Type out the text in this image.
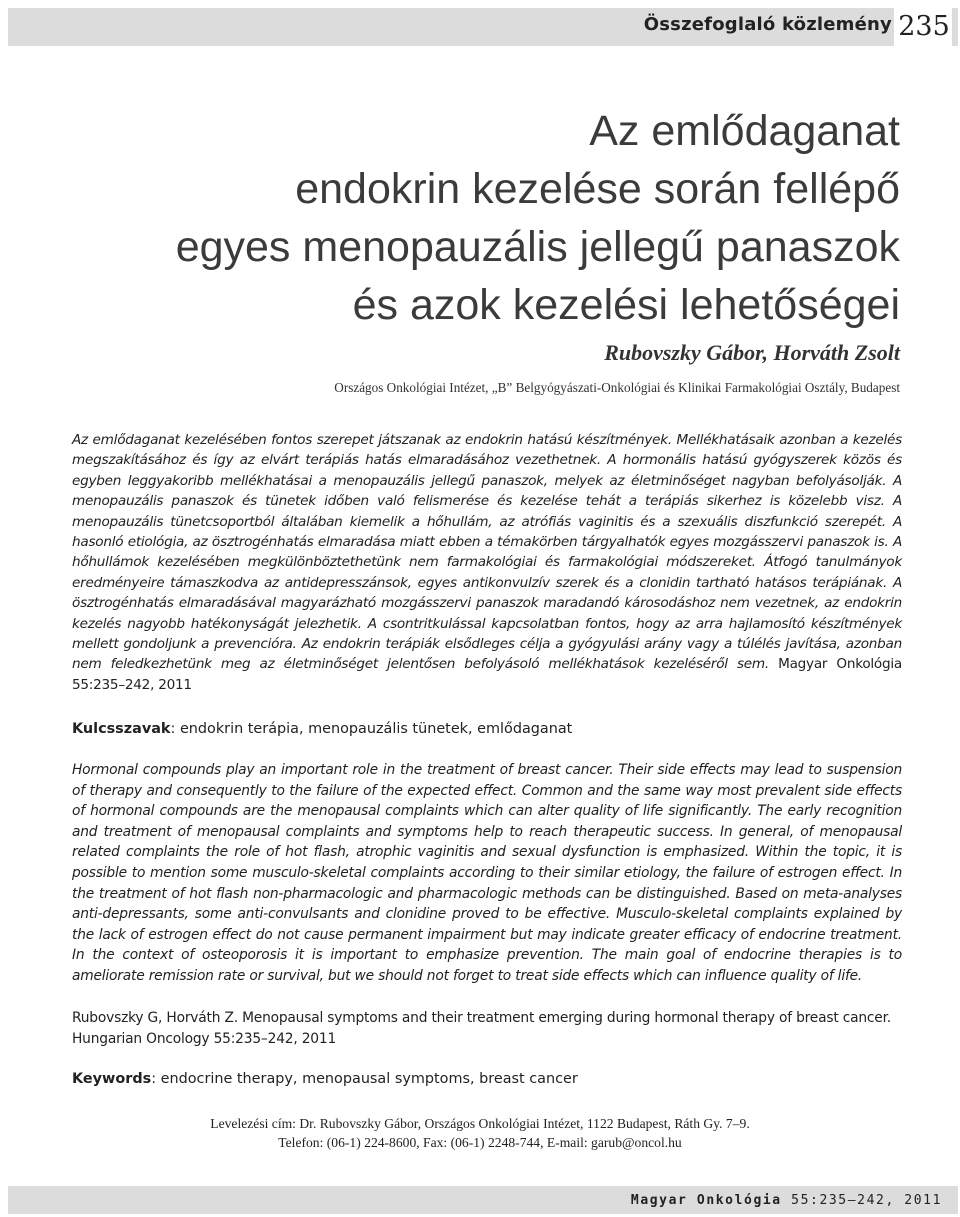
Összefoglaló közlemény 235
Az emlődaganat
endokrin kezelése során fellépő
egyes menopauzális jellegű panaszok
és azok kezelési lehetőségei
Rubovszky Gábor, Horváth Zsolt
Országos Onkológiai Intézet, „B” Belgyógyászati-Onkológiai és Klinikai Farmakológiai Osztály, Budapest

Az emlődaganat kezelésében fontos szerepet játszanak az endokrin hatású készítmények. Mellékhatásaik azonban a kezelés megszakításához és így az elvárt terápiás hatás elmaradásához vezethetnek. A hormonális hatású gyógyszerek közös és egyben leggyakoribb mellékhatásai a menopauzális jellegű panaszok, melyek az életminőséget nagyban befolyásolják. A menopauzális panaszok és tünetek időben való felismerése és kezelése tehát a terápiás sikerhez is közelebb visz. A menopauzális tünetcsoportból általában kiemelik a hőhullám, az atrófiás vaginitis és a szexuális diszfunkció szerepét. A hasonló etiológia, az ösztrogénhatás elmaradása miatt ebben a témakörben tárgyalhatók egyes mozgásszervi panaszok is. A hőhullámok kezelésében megkülönböztethetünk nem farmakológiai és farmakológiai módszereket. Átfogó tanulmányok eredményeire támaszkodva az antidepresszánsok, egyes antikonvulzív szerek és a clonidin tartható hatásos terápiának. A ösztrogénhatás elmaradásával magyarázható mozgásszervi panaszok maradandó károsodáshoz nem vezetnek, az endokrin kezelés nagyobb hatékonyságát jelezhetik. A csontritkulással kapcsolatban fontos, hogy az arra hajlamosító készítmények mellett gondoljunk a prevencióra. Az endokrin terápiák elsődleges célja a gyógyulási arány vagy a túlélés javítása, azonban nem feledkezhetünk meg az életminőséget jelentősen befolyásoló mellékhatások kezeléséről sem. Magyar Onkológia 55:235–242, 2011

Kulcsszavak: endokrin terápia, menopauzális tünetek, emlődaganat

Hormonal compounds play an important role in the treatment of breast cancer. Their side effects may lead to suspension of therapy and consequently to the failure of the expected effect. Common and the same way most prevalent side effects of hormonal compounds are the menopausal complaints which can alter quality of life significantly. The early recognition and treatment of menopausal complaints and symptoms help to reach therapeutic success. In general, of menopausal related complaints the role of hot flash, atrophic vaginitis and sexual dysfunction is emphasized. Within the topic, it is possible to mention some musculo-skeletal complaints according to their similar etiology, the failure of estrogen effect. In the treatment of hot flash non-pharmacologic and pharmacologic methods can be distinguished. Based on meta-analyses anti-depressants, some anti-convulsants and clonidine proved to be effective. Musculo-skeletal complaints explained by the lack of estrogen effect do not cause permanent impairment but may indicate greater efficacy of endocrine treatment. In the context of osteoporosis it is important to emphasize prevention. The main goal of endocrine therapies is to ameliorate remission rate or survival, but we should not forget to treat side effects which can influence quality of life.

Rubovszky G, Horváth Z. Menopausal symptoms and their treatment emerging during hormonal therapy of breast cancer.
Hungarian Oncology 55:235–242, 2011

Keywords: endocrine therapy, menopausal symptoms, breast cancer

Levelezési cím: Dr. Rubovszky Gábor, Országos Onkológiai Intézet, 1122 Budapest, Ráth Gy. 7–9.
Telefon: (06-1) 224-8600, Fax: (06-1) 2248-744, E-mail: garub@oncol.hu
Magyar Onkológia 55:235–242, 2011
